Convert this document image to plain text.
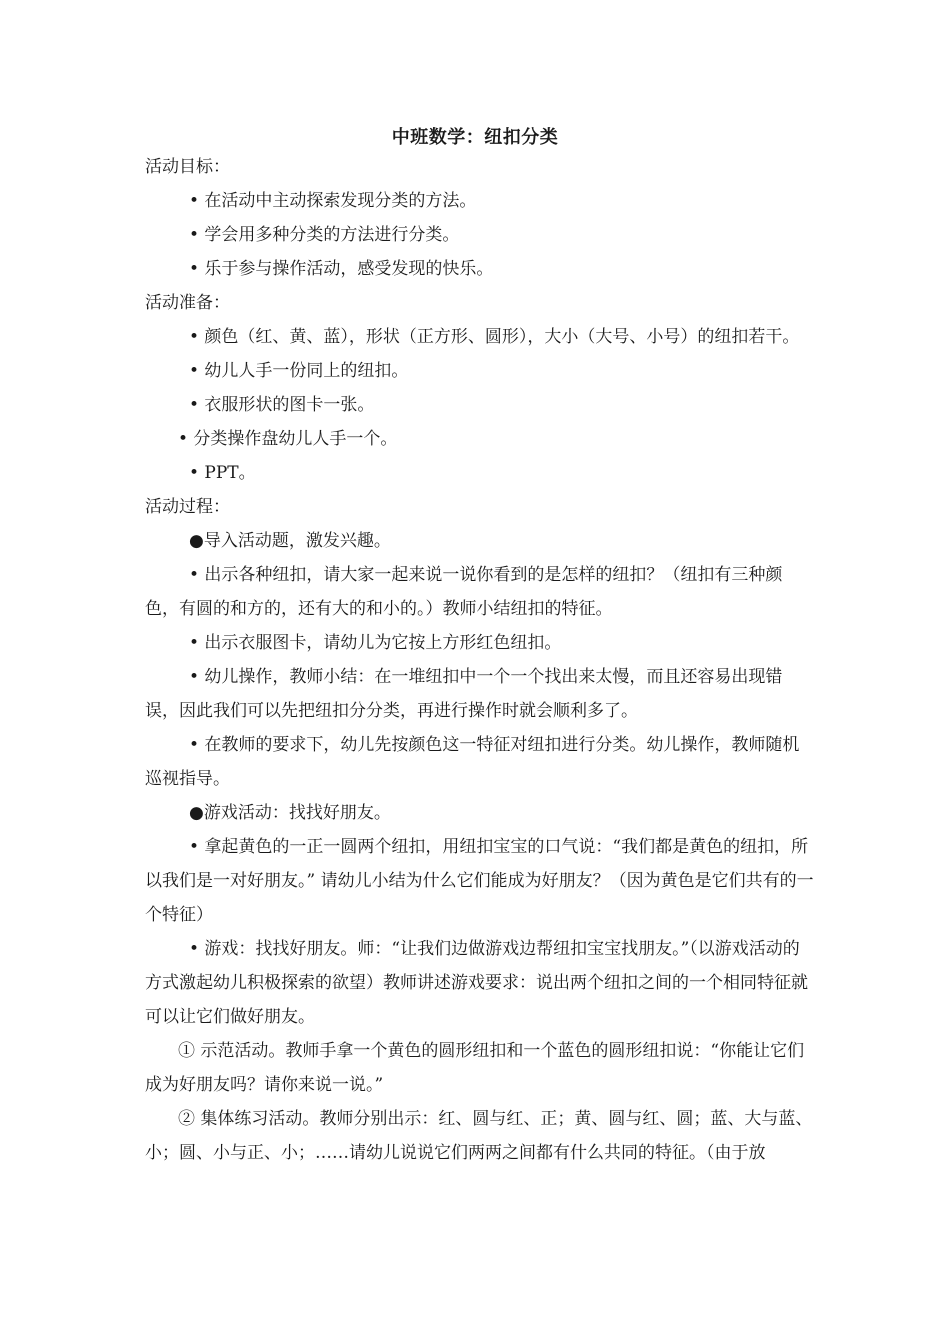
中班数学：纽扣分类

活动目标：

• 在活动中主动探索发现分类的方法。

• 学会用多种分类的方法进行分类。

• 乐于参与操作活动，感受发现的快乐。

活动准备：

• 颜色（红、黄、蓝），形状（正方形、圆形），大小（大号、小号）的纽扣若干。

• 幼儿人手一份同上的纽扣。

• 衣服形状的图卡一张。

• 分类操作盘幼儿人手一个。

• PPT。

活动过程：

●导入活动题，激发兴趣。

• 出示各种纽扣，请大家一起来说一说你看到的是怎样的纽扣？（纽扣有三种颜色，有圆的和方的，还有大的和小的。）教师小结纽扣的特征。

• 出示衣服图卡，请幼儿为它按上方形红色纽扣。

• 幼儿操作，教师小结：在一堆纽扣中一个一个找出来太慢，而且还容易出现错误，因此我们可以先把纽扣分分类，再进行操作时就会顺利多了。

• 在教师的要求下，幼儿先按颜色这一特征对纽扣进行分类。幼儿操作，教师随机巡视指导。

●游戏活动：找找好朋友。

• 拿起黄色的一正一圆两个纽扣，用纽扣宝宝的口气说：“我们都是黄色的纽扣，所以我们是一对好朋友。” 请幼儿小结为什么它们能成为好朋友？（因为黄色是它们共有的一个特征）

• 游戏：找找好朋友。师：“让我们边做游戏边帮纽扣宝宝找朋友。”（以游戏活动的方式激起幼儿积极探索的欲望）教师讲述游戏要求：说出两个纽扣之间的一个相同特征就可以让它们做好朋友。

① 示范活动。教师手拿一个黄色的圆形纽扣和一个蓝色的圆形纽扣说：“你能让它们成为好朋友吗？请你来说一说。”

② 集体练习活动。教师分别出示：红、圆与红、正；黄、圆与红、圆；蓝、大与蓝、小；圆、小与正、小；……请幼儿说说它们两两之间都有什么共同的特征。（由于放
